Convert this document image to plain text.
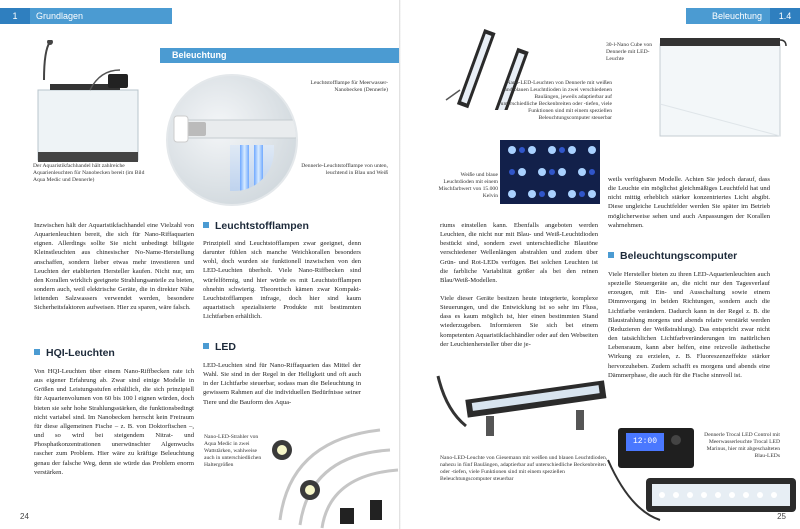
1 Grundlagen
Beleuchtung
Der Aquaristikfachhandel hält zahlreiche Aquarienleuchten für Nanobecken bereit (im Bild Aqua Medic und Dennerle)
Leuchtstofflampe für Meerwasser-Nanobecken (Dennerle)
Dennerle-Leuchtstofflampe von unten, leuchtend in Blau und Weiß
Inzwischen hält der Aquaristikfachhandel eine Vielzahl von Aquarienleuchten bereit, die sich für Nano-Riffaquarien eignen. Allerdings sollte Sie nicht unbedingt billigste Kleinstleuchten aus chinesischer No-Name-Herstellung anschaffen, sondern lieber etwas mehr investieren und Leuchten der etablierten Hersteller kaufen. Nicht nur, um den Korallen wirklich geeignete Strahlungsanteile zu bieten, sondern auch, weil elektrische Geräte, die in direkter Nähe leitenden Salzwassers verwendet werden, besondere Sicherheitsfaktoren aufweisen. Hier zu sparen, wäre falsch.
HQI-Leuchten
Von HQI-Leuchten über einem Nano-Riffbecken rate ich aus eigener Erfahrung ab. Zwar sind einige Modelle in Größen und Leistungsstufen erhältlich, die sich prinzipiell für Aquarienvolumen von 60 bis 100 l eignen würden, doch bieten sie sehr hohe Strahlungsstärken, die funktionsbedingt nicht variabel sind. Im Nanobecken herrscht kein Freiraum für diese allgemeinen Fische – z. B. von Doktorfischen –, und so wird bei steigendem Nitrat- und Phosphatkonzentrationen unerwünschter Algenwuchs rascher zum Problem. Hier wäre zu kräftige Beleuchtung genau der falsche Weg, denn sie würde das Problem enorm verstärken.
Leuchtstofflampen
Prinzipiell sind Leuchtstofflampen zwar geeignet, denn darunter fühlen sich manche Weichkorallen besonders wohl, doch wurden sie funktionell inzwischen von den LED-Leuchten überholt. Viele Nano-Riffbecken sind würfelförmig, und hier würde es mit Leuchtstofflampen ohnehin schwierig. Theoretisch kämen zwar Kompakt-Leuchtstofflampen infrage, doch hier sind kaum aquaristisch spezialisierte Produkte mit bestimmten Lichtfarben erhältlich.
LED
LED-Leuchten sind für Nano-Riffaquarien das Mittel der Wahl. Sie sind in der Regel in der Helligkeit und oft auch in der Lichtfarbe steuerbar, sodass man die Beleuchtung in gewissem Rahmen auf die individuellen Bedürfnisse seiner Tiere und die Bauform des Aqua-
Nano-LED-Strahler von Aqua Medic in zwei Wattstärken, wahlweise auch in unterschiedlichen Haltergrößen
24
Beleuchtung 1.4
Nano-LED-Leuchten von Dennerle mit weißen und blauen Leuchtdioden in zwei verschiedenen Baulängen, jeweils adaptierbar auf unterschiedliche Beckenbreiten oder -tiefen, viele Funktionen sind mit einem speziellen Beleuchtungscomputer steuerbar
30-l-Nano Cube von Dennerle mit LED-Leuchte
Weiße und blaue Leuchtdioden mit einem Mischfarbwert von 15.000 Kelvin
riums einstellen kann. Ebenfalls angeboten werden Leuchten, die nicht nur mit Blau- und Weiß-Leuchtdioden bestückt sind, sondern zwei unterschiedliche Blautöne verschiedener Wellenlängen abstrahlen und zudem über Grün- und Rot-LEDs verfügen. Bei solchen Leuchten ist die farbliche Variabilität größer als bei den reinen Blau/Weiß-Modellen.
Viele dieser Geräte besitzen heute integrierte, komplexe Steuerungen, und die Entwicklung ist so sehr im Fluss, dass es kaum möglich ist, hier einen bestimmten Stand wiederzugeben. Informieren Sie sich bei einem kompetenten Aquaristikfachhändler oder auf den Webseiten der Leuchtenhersteller über die je-
weils verfügbaren Modelle. Achten Sie jedoch darauf, dass die Leuchte ein möglichst gleichmäßiges Leuchtfeld hat und nicht mittig erheblich stärker konzentriertes Licht abgibt. Diese ungleiche Leuchtfelder werden Sie später im Betrieb möglicherweise sehen und auch Anpassungen der Korallen wahrnehmen.
Beleuchtungscomputer
Viele Hersteller bieten zu ihren LED-Aquarienleuchten auch spezielle Steuergeräte an, die nicht nur den Tagesverlauf erzeugen, mit Ein- und Ausschaltung sowie einem Dimmvorgang in beiden Richtungen, sondern auch die Lichtfarbe verändern. Dadurch kann in der Regel z. B. die Blaustrahlung morgens und abends relativ verstärkt werden (Reduzieren der Weißstrahlung). Das entspricht zwar nicht den tatsächlichen Lichtfarbveränderungen im natürlichen Lebensraum, kann aber helfen, eine reizvolle ästhetische Wirkung zu erzielen, z. B. Fluoreszenzeffekte stärker hervorzuheben. Zudem schafft es morgens und abends eine Dämmerphase, die auch für die Fische sinnvoll ist.
Nano-LED-Leuchte von Giesemann mit weißen und blauen Leuchtdioden, nahezu in fünf Baulängen, adaptierbar auf unterschiedliche Beckenbreiten oder -tiefen, viele Funktionen sind mit einem speziellen Beleuchtungscomputer steuerbar
12:00
Dennerle Trocal LED Control mit Meerwasserleuchte Trocal LED Marinus, hier mit abgeschalteten Blau-LEDs
25
